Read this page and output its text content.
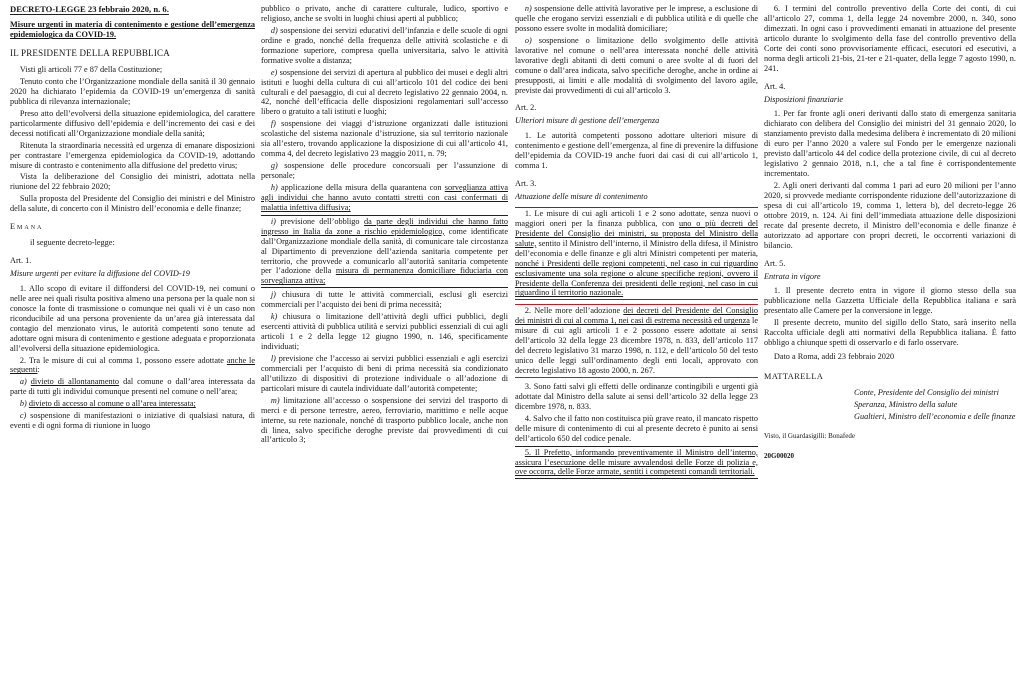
DECRETO-LEGGE 23 febbraio 2020, n. 6.

Misure urgenti in materia di contenimento e gestione dell’emergenza epidemiologica da COVID-19.

IL PRESIDENTE DELLA REPUBBLICA

Visti gli articoli 77 e 87 della Costituzione;

Tenuto conto che l’Organizzazione mondiale della sanità il 30 gennaio 2020 ha dichiarato l’epidemia da COVID-19 un’emergenza di sanità pubblica di rilevanza internazionale;

Preso atto dell’evolversi della situazione epidemiologica, del carattere particolarmente diffusivo dell’epidemia e dell’incremento dei casi e dei decessi notificati all’Organizzazione mondiale della sanità;

Ritenuta la straordinaria necessità ed urgenza di emanare disposizioni per contrastare l’emergenza epidemiologica da COVID-19, adottando misure di contrasto e contenimento alla diffusione del predetto virus;

Vista la deliberazione del Consiglio dei ministri, adottata nella riunione del 22 febbraio 2020;

Sulla proposta del Presidente del Consiglio dei ministri e del Ministro della salute, di concerto con il Ministro dell’economia e delle finanze;

Emana

il seguente decreto-legge:

Art. 1.

Misure urgenti per evitare la diffusione del COVID-19

1. Allo scopo di evitare il diffondersi del COVID-19, nei comuni o nelle aree nei quali risulta positiva almeno una persona per la quale non si conosce la fonte di trasmissione o comunque nei quali vi è un caso non riconducibile ad una persona proveniente da un’area già interessata dal contagio del menzionato virus, le autorità competenti sono tenute ad adottare ogni misura di contenimento e gestione adeguata e proporzionata all’evolversi della situazione epidemiologica.

2. Tra le misure di cui al comma 1, possono essere adottate anche le seguenti:

a) divieto di allontanamento dal comune o dall’area interessata da parte di tutti gli individui comunque presenti nel comune o nell’area;

b) divieto di accesso al comune o all’area interessata;

c) sospensione di manifestazioni o iniziative di qualsiasi natura, di eventi e di ogni forma di riunione in luogo

pubblico o privato, anche di carattere culturale, ludico, sportivo e religioso, anche se svolti in luoghi chiusi aperti al pubblico;

d) sospensione dei servizi educativi dell’infanzia e delle scuole di ogni ordine e grado, nonché della frequenza delle attività scolastiche e di formazione superiore, compresa quella universitaria, salvo le attività formative svolte a distanza;

e) sospensione dei servizi di apertura al pubblico dei musei e degli altri istituti e luoghi della cultura di cui all’articolo 101 del codice dei beni culturali e del paesaggio, di cui al decreto legislativo 22 gennaio 2004, n. 42, nonché dell’efficacia delle disposizioni regolamentari sull’accesso libero o gratuito a tali istituti e luoghi;

f) sospensione dei viaggi d’istruzione organizzati dalle istituzioni scolastiche del sistema nazionale d’istruzione, sia sul territorio nazionale sia all’estero, trovando applicazione la disposizione di cui all’articolo 41, comma 4, del decreto legislativo 23 maggio 2011, n. 79;

g) sospensione delle procedure concorsuali per l’assunzione di personale;

h) applicazione della misura della quarantena con sorveglianza attiva agli individui che hanno avuto contatti stretti con casi confermati di malattia infettiva diffusiva;

i) previsione dell’obbligo da parte degli individui che hanno fatto ingresso in Italia da zone a rischio epidemiologico, come identificate dall’Organizzazione mondiale della sanità, di comunicare tale circostanza al Dipartimento di prevenzione dell’azienda sanitaria competente per territorio, che provvede a comunicarlo all’autorità sanitaria competente per l’adozione della misura di permanenza domiciliare fiduciaria con sorveglianza attiva;

j) chiusura di tutte le attività commerciali, esclusi gli esercizi commerciali per l’acquisto dei beni di prima necessità;

k) chiusura o limitazione dell’attività degli uffici pubblici, degli esercenti attività di pubblica utilità e servizi pubblici essenziali di cui agli articoli 1 e 2 della legge 12 giugno 1990, n. 146, specificamente individuati;

l) previsione che l’accesso ai servizi pubblici essenziali e agli esercizi commerciali per l’acquisto di beni di prima necessità sia condizionato all’utilizzo di dispositivi di protezione individuale o all’adozione di particolari misure di cautela individuate dall’autorità competente;

m) limitazione all’accesso o sospensione dei servizi del trasporto di merci e di persone terrestre, aereo, ferroviario, marittimo e nelle acque interne, su rete nazionale, nonché di trasporto pubblico locale, anche non di linea, salvo specifiche deroghe previste dai provvedimenti di cui all’articolo 3;

n) sospensione delle attività lavorative per le imprese, a esclusione di quelle che erogano servizi essenziali e di pubblica utilità e di quelle che possono essere svolte in modalità domiciliare;

o) sospensione o limitazione dello svolgimento delle attività lavorative nel comune o nell’area interessata nonché delle attività lavorative degli abitanti di detti comuni o aree svolte al di fuori del comune o dall’area indicata, salvo specifiche deroghe, anche in ordine ai presupposti, ai limiti e alle modalità di svolgimento del lavoro agile, previste dai provvedimenti di cui all’articolo 3.

Art. 2.

Ulteriori misure di gestione dell’emergenza

1. Le autorità competenti possono adottare ulteriori misure di contenimento e gestione dell’emergenza, al fine di prevenire la diffusione dell’epidemia da COVID-19 anche fuori dai casi di cui all’articolo 1, comma 1.

Art. 3.

Attuazione delle misure di contenimento

1. Le misure di cui agli articoli 1 e 2 sono adottate, senza nuovi o maggiori oneri per la finanza pubblica, con uno o più decreti del Presidente del Consiglio dei ministri, su proposta del Ministro della salute, sentito il Ministro dell’interno, il Ministro della difesa, il Ministro dell’economia e delle finanze e gli altri Ministri competenti per materia, nonché i Presidenti delle regioni competenti, nel caso in cui riguardino esclusivamente una sola regione o alcune specifiche regioni, ovvero il Presidente della Conferenza dei presidenti delle regioni, nel caso in cui riguardino il territorio nazionale.

2. Nelle more dell’adozione dei decreti del Presidente del Consiglio dei ministri di cui al comma 1, nei casi di estrema necessità ed urgenza le misure di cui agli articoli 1 e 2 possono essere adottate ai sensi dell’articolo 32 della legge 23 dicembre 1978, n. 833, dell’articolo 117 del decreto legislativo 31 marzo 1998, n. 112, e dell’articolo 50 del testo unico delle leggi sull’ordinamento degli enti locali, approvato con decreto legislativo 18 agosto 2000, n. 267.

3. Sono fatti salvi gli effetti delle ordinanze contingibili e urgenti già adottate dal Ministro della salute ai sensi dell’articolo 32 della legge 23 dicembre 1978, n. 833.

4. Salvo che il fatto non costituisca più grave reato, il mancato rispetto delle misure di contenimento di cui al presente decreto è punito ai sensi dell’articolo 650 del codice penale.

5. Il Prefetto, informando preventivamente il Ministro dell’interno, assicura l’esecuzione delle misure avvalendosi delle Forze di polizia e, ove occorra, delle Forze armate, sentiti i competenti comandi territoriali.

6. I termini del controllo preventivo della Corte dei conti, di cui all’articolo 27, comma 1, della legge 24 novembre 2000, n. 340, sono dimezzati. In ogni caso i provvedimenti emanati in attuazione del presente articolo durante lo svolgimento della fase del controllo preventivo della Corte dei conti sono provvisoriamente efficaci, esecutori ed esecutivi, a norma degli articoli 21-bis, 21-ter e 21-quater, della legge 7 agosto 1990, n. 241.

Art. 4.

Disposizioni finanziarie

1. Per far fronte agli oneri derivanti dallo stato di emergenza sanitaria dichiarato con delibera del Consiglio dei ministri del 31 gennaio 2020, lo stanziamento previsto dalla medesima delibera è incrementato di 20 milioni di euro per l’anno 2020 a valere sul Fondo per le emergenze nazionali previsto dall’articolo 44 del codice della protezione civile, di cui al decreto legislativo 2 gennaio 2018, n.1, che a tal fine è corrispondentemente incrementato.

2. Agli oneri derivanti dal comma 1 pari ad euro 20 milioni per l’anno 2020, si provvede mediante corrispondente riduzione dell’autorizzazione di spesa di cui all’articolo 19, comma 1, lettera b), del decreto-legge 26 ottobre 2019, n. 124. Ai fini dell’immediata attuazione delle disposizioni recate dal presente decreto, il Ministro dell’economia e delle finanze è autorizzato ad apportare con propri decreti, le occorrenti variazioni di bilancio.

Art. 5.

Entrata in vigore

1. Il presente decreto entra in vigore il giorno stesso della sua pubblicazione nella Gazzetta Ufficiale della Repubblica italiana e sarà presentato alle Camere per la conversione in legge.

Il presente decreto, munito del sigillo dello Stato, sarà inserito nella Raccolta ufficiale degli atti normativi della Repubblica italiana. È fatto obbligo a chiunque spetti di osservarlo e di farlo osservare.

Dato a Roma, addì 23 febbraio 2020

MATTARELLA

Conte, Presidente del Consiglio dei ministri

Speranza, Ministro della salute

Gualtieri, Ministro dell’economia e delle finanze

Visto, il Guardasigilli: Bonafede

20G00020
